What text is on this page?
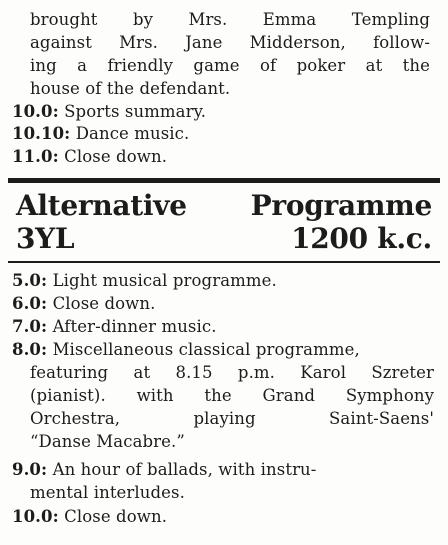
brought by Mrs. Emma Templing
against Mrs. Jane Midderson, follow-
ing a friendly game of poker at the
house of the defendant.
10.0: Sports summary.
10.10: Dance music.
11.0: Close down.
Alternative Programme
3YL	1200 k.c.
5.0: Light musical programme.
6.0: Close down.
7.0: After-dinner music.
8.0: Miscellaneous classical programme,
featuring at 8.15 p.m. Karol Szreter
(pianist). with the Grand Symphony
Orchestra, playing Saint-Saens'
“Danse Macabre.”
9.0: An hour of ballads, with instru-
mental interludes.
10.0: Close down.
